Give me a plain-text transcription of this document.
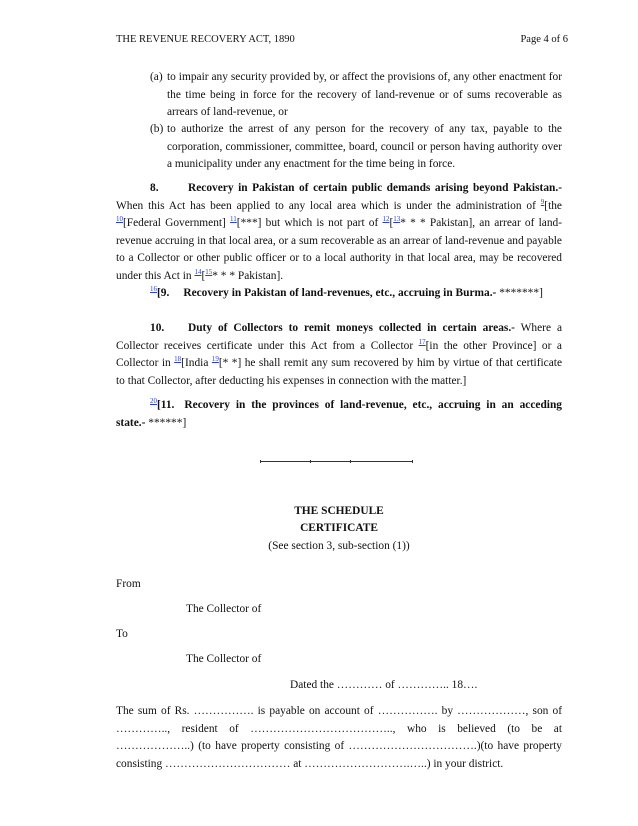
THE REVENUE RECOVERY ACT, 1890	Page 4 of 6
(a) to impair any security provided by, or affect the provisions of, any other enactment for the time being in force for the recovery of land-revenue or of sums recoverable as arrears of land-revenue, or
(b) to authorize the arrest of any person for the recovery of any tax, payable to the corporation, commissioner, committee, board, council or person having authority over a municipality under any enactment for the time being in force.
8.	Recovery in Pakistan of certain public demands arising beyond Pakistan.- When this Act has been applied to any local area which is under the administration of $^9$[the $^{10}$[Federal Government] $^{11}$[***] but which is not part of $^{12}$[$^{13}$* * * Pakistan], an arrear of land-revenue accruing in that local area, or a sum recoverable as an arrear of land-revenue and payable to a Collector or other public officer or to a local authority in that local area, may be recovered under this Act in $^{14}$[$^{15}$* * * Pakistan].
$^{16}$[9. Recovery in Pakistan of land-revenues, etc., accruing in Burma.- *******]
10. Duty of Collectors to remit moneys collected in certain areas.- Where a Collector receives certificate under this Act from a Collector $^{17}$[in the other Province] or a Collector in $^{18}$[India $^{19}$[* *] he shall remit any sum recovered by him by virtue of that certificate to that Collector, after deducting his expenses in connection with the matter.]
$^{20}$[11. Recovery in the provinces of land-revenue, etc., accruing in an acceding state.- ******]
THE SCHEDULE
CERTIFICATE
(See section 3, sub-section (1))
From
The Collector of
To
The Collector of
Dated the ………… of ………….. 18….
The sum of Rs. ……………. is payable on account of ……………. by ………………, son of ………….., resident of ……………………………….., who is believed (to be at ………………..) (to have property consisting of …………………………….)(to have property consisting …………………………… at ……………………….…..) in your district.
